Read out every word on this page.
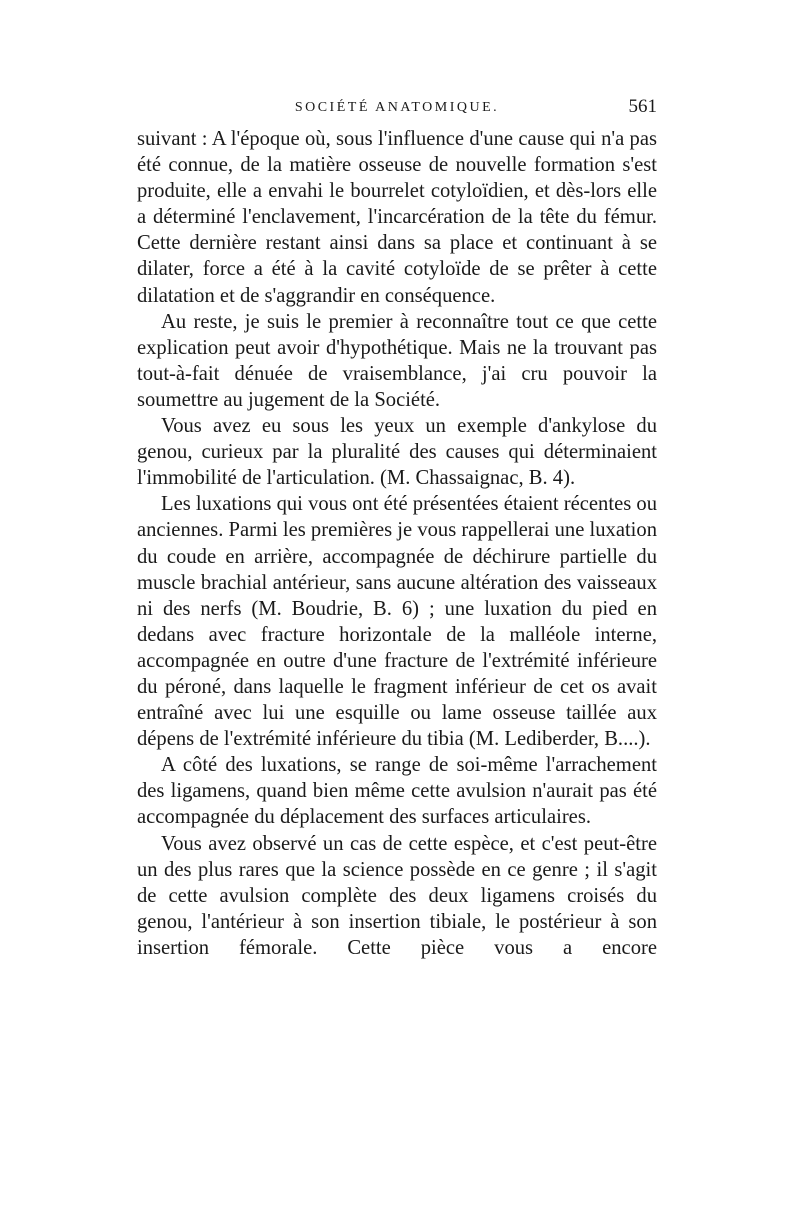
SOCIÉTÉ ANATOMIQUE.	561

suivant : A l'époque où, sous l'influence d'une cause qui n'a pas été connue, de la matière osseuse de nouvelle formation s'est produite, elle a envahi le bourrelet cotyloïdien, et dès-lors elle a déterminé l'enclavement, l'incarcération de la tête du fémur. Cette dernière restant ainsi dans sa place et continuant à se dilater, force a été à la cavité cotyloïde de se prêter à cette dilatation et de s'aggrandir en conséquence.

Au reste, je suis le premier à reconnaître tout ce que cette explication peut avoir d'hypothétique. Mais ne la trouvant pas tout-à-fait dénuée de vraisemblance, j'ai cru pouvoir la soumettre au jugement de la Société.

Vous avez eu sous les yeux un exemple d'ankylose du genou, curieux par la pluralité des causes qui déterminaient l'immobilité de l'articulation. (M. Chassaignac, B. 4).

Les luxations qui vous ont été présentées étaient récentes ou anciennes. Parmi les premières je vous rappellerai une luxation du coude en arrière, accompagnée de déchirure partielle du muscle brachial antérieur, sans aucune altération des vaisseaux ni des nerfs (M. Boudrie, B. 6) ; une luxation du pied en dedans avec fracture horizontale de la malléole interne, accompagnée en outre d'une fracture de l'extrémité inférieure du péroné, dans laquelle le fragment inférieur de cet os avait entraîné avec lui une esquille ou lame osseuse taillée aux dépens de l'extrémité inférieure du tibia (M. Lediberder, B....).

A côté des luxations, se range de soi-même l'arrachement des ligamens, quand bien même cette avulsion n'aurait pas été accompagnée du déplacement des surfaces articulaires.

Vous avez observé un cas de cette espèce, et c'est peut-être un des plus rares que la science possède en ce genre ; il s'agit de cette avulsion complète des deux ligamens croisés du genou, l'antérieur à son insertion tibiale, le postérieur à son insertion fémorale. Cette pièce vous a encore
